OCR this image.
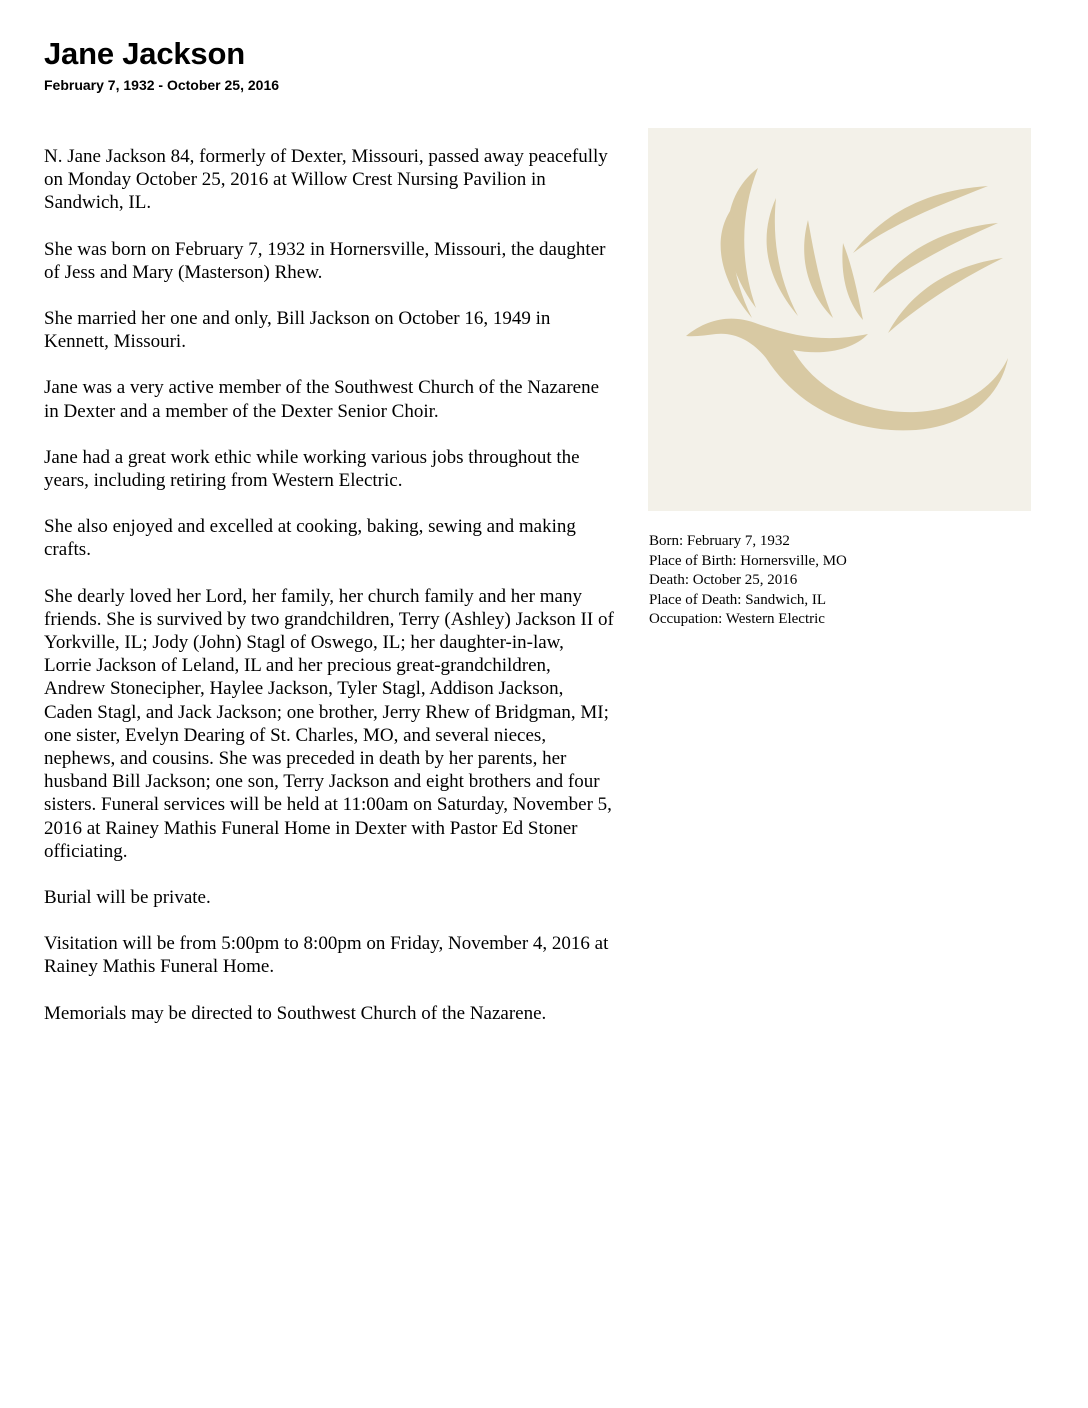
Jane Jackson
February 7, 1932 - October 25, 2016

N. Jane Jackson 84, formerly of Dexter, Missouri, passed away peacefully on Monday October 25, 2016 at Willow Crest Nursing Pavilion in Sandwich, IL.

She was born on February 7, 1932 in Hornersville, Missouri, the daughter of Jess and Mary (Masterson) Rhew.

She married her one and only, Bill Jackson on October 16, 1949 in Kennett, Missouri.

Jane was a very active member of the Southwest Church of the Nazarene in Dexter and a member of the Dexter Senior Choir.

Jane had a great work ethic while working various jobs throughout the years, including retiring from Western Electric.

She also enjoyed and excelled at cooking, baking, sewing and making crafts.

She dearly loved her Lord, her family, her church family and her many friends. She is survived by two grandchildren, Terry (Ashley) Jackson II of Yorkville, IL; Jody (John) Stagl of Oswego, IL; her daughter-in-law, Lorrie Jackson of Leland, IL and her precious great-grandchildren, Andrew Stonecipher, Haylee Jackson, Tyler Stagl, Addison Jackson, Caden Stagl, and Jack Jackson; one brother, Jerry Rhew of Bridgman, MI; one sister, Evelyn Dearing of St. Charles, MO, and several nieces, nephews, and cousins. She was preceded in death by her parents, her husband Bill Jackson; one son, Terry Jackson and eight brothers and four sisters. Funeral services will be held at 11:00am on Saturday, November 5, 2016 at Rainey Mathis Funeral Home in Dexter with Pastor Ed Stoner officiating.

Burial will be private.

Visitation will be from 5:00pm to 8:00pm on Friday, November 4, 2016 at Rainey Mathis Funeral Home.

Memorials may be directed to Southwest Church of the Nazarene.

Born: February 7, 1932
Place of Birth: Hornersville, MO
Death: October 25, 2016
Place of Death: Sandwich, IL
Occupation: Western Electric
